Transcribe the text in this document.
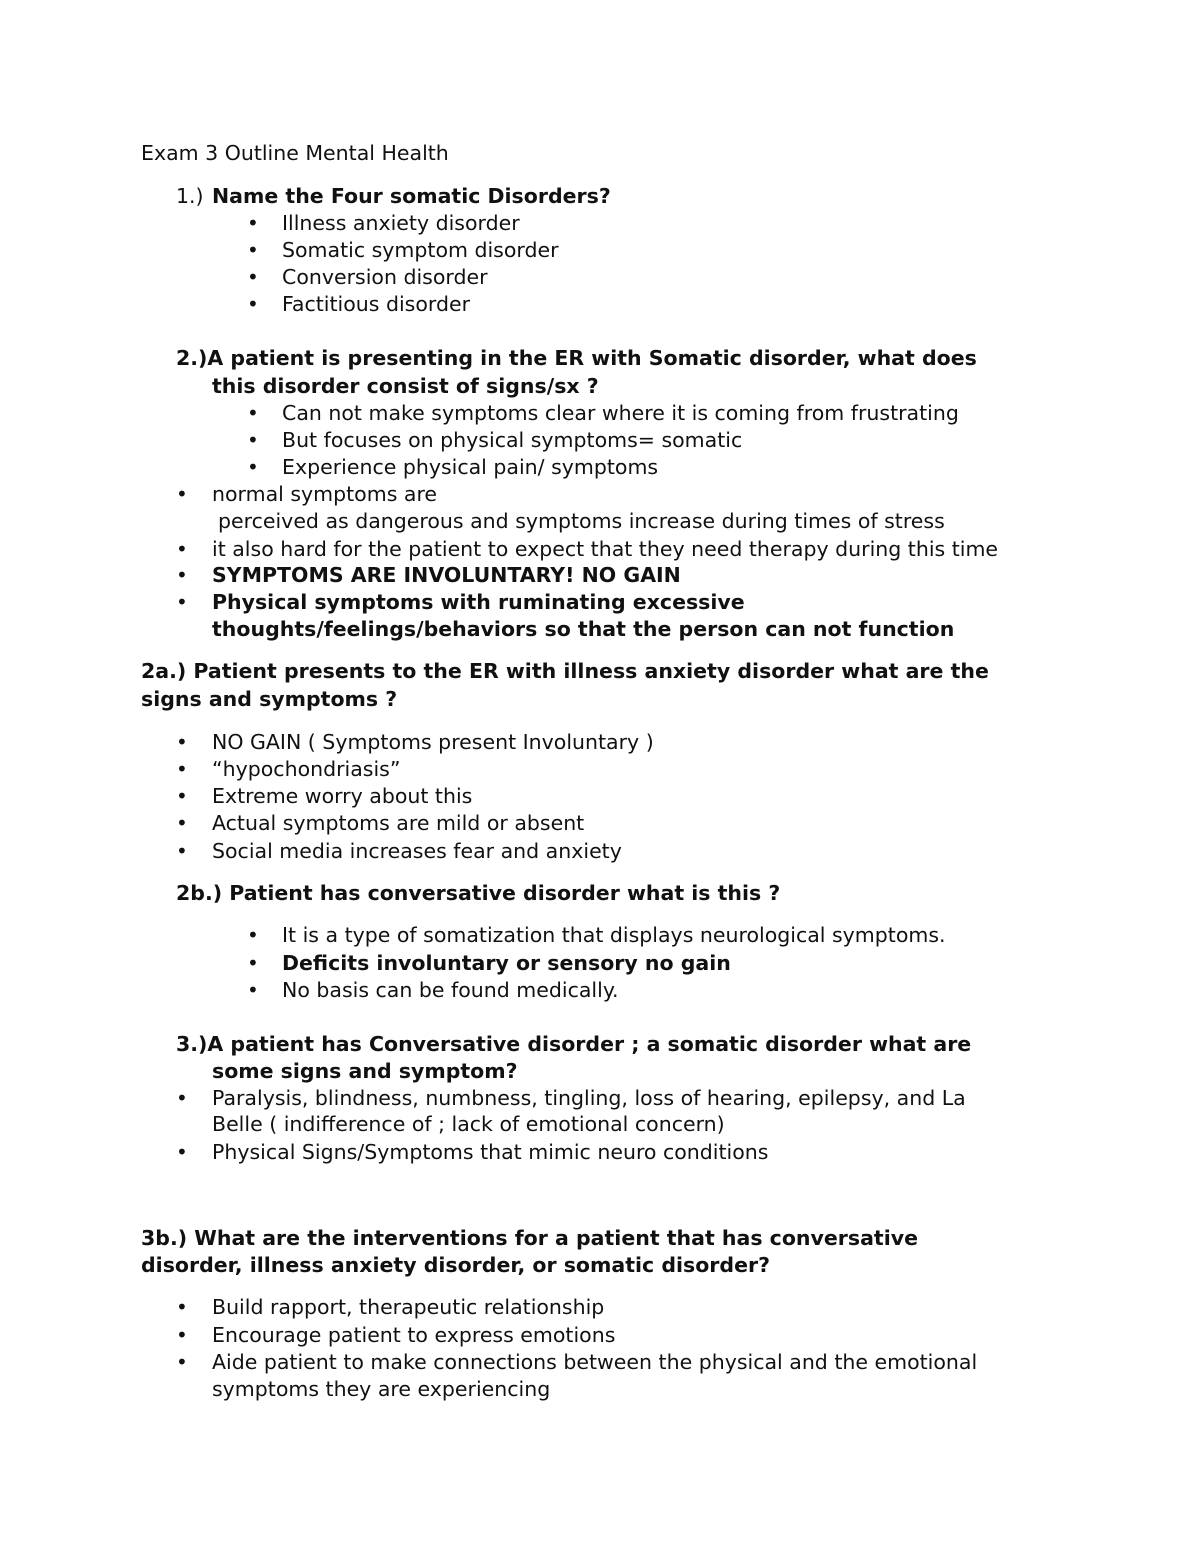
Exam 3 Outline Mental Health
1.) Name the Four somatic Disorders?
•
Illness anxiety disorder
•
Somatic symptom disorder
•
Conversion disorder
•
Factitious disorder
2.)A patient is presenting in the ER with Somatic disorder, what does
this disorder consist of signs/sx ?
•
Can not make symptoms clear where it is coming from frustrating
•
But focuses on physical symptoms= somatic
•
Experience physical pain/ symptoms
•
normal symptoms are
perceived as dangerous and symptoms increase during times of stress
•
it also hard for the patient to expect that they need therapy during this time
•
SYMPTOMS ARE INVOLUNTARY! NO GAIN
•
Physical symptoms with ruminating excessive
thoughts/feelings/behaviors so that the person can not function
2a.) Patient presents to the ER with illness anxiety disorder what are the
signs and symptoms ?
•
NO GAIN ( Symptoms present Involuntary )
•
“hypochondriasis”
•
Extreme worry about this
•
Actual symptoms are mild or absent
•
Social media increases fear and anxiety
2b.) Patient has conversative disorder what is this ?
•
It is a type of somatization that displays neurological symptoms.
•
Deficits involuntary or sensory no gain
•
No basis can be found medically.
3.)A patient has Conversative disorder ; a somatic disorder what are
some signs and symptom?
•
Paralysis, blindness, numbness, tingling, loss of hearing, epilepsy, and La
Belle ( indifference of ; lack of emotional concern)
•
Physical Signs/Symptoms that mimic neuro conditions
3b.) What are the interventions for a patient that has conversative
disorder, illness anxiety disorder, or somatic disorder?
•
Build rapport, therapeutic relationship
•
Encourage patient to express emotions
•
Aide patient to make connections between the physical and the emotional
symptoms they are experiencing
